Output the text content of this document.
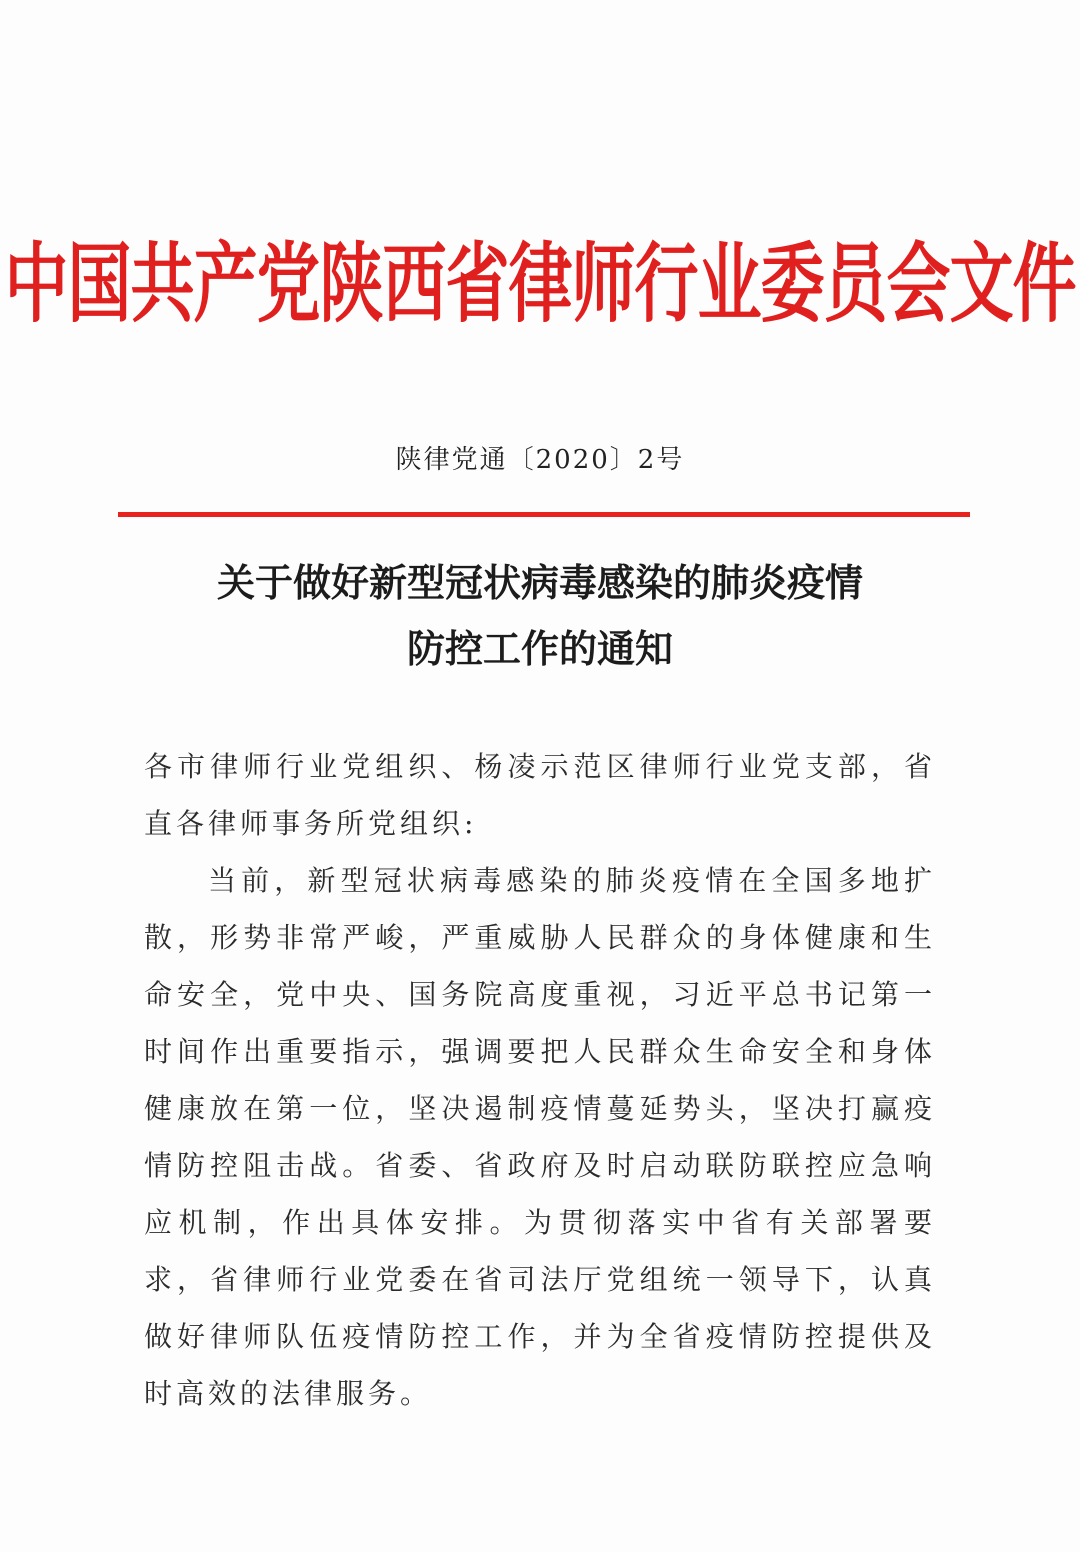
中国共产党陕西省律师行业委员会文件
陕律党通〔2020〕2号
关于做好新型冠状病毒感染的肺炎疫情
防控工作的通知

各市律师行业党组织、杨凌示范区律师行业党支部，省直各律师事务所党组织:

当前，新型冠状病毒感染的肺炎疫情在全国多地扩散，形势非常严峻，严重威胁人民群众的身体健康和生命安全，党中央、国务院高度重视，习近平总书记第一时间作出重要指示，强调要把人民群众生命安全和身体健康放在第一位，坚决遏制疫情蔓延势头，坚决打赢疫情防控阻击战。省委、省政府及时启动联防联控应急响应机制，作出具体安排。为贯彻落实中省有关部署要求，省律师行业党委在省司法厅党组统一领导下，认真做好律师队伍疫情防控工作，并为全省疫情防控提供及时高效的法律服务。
